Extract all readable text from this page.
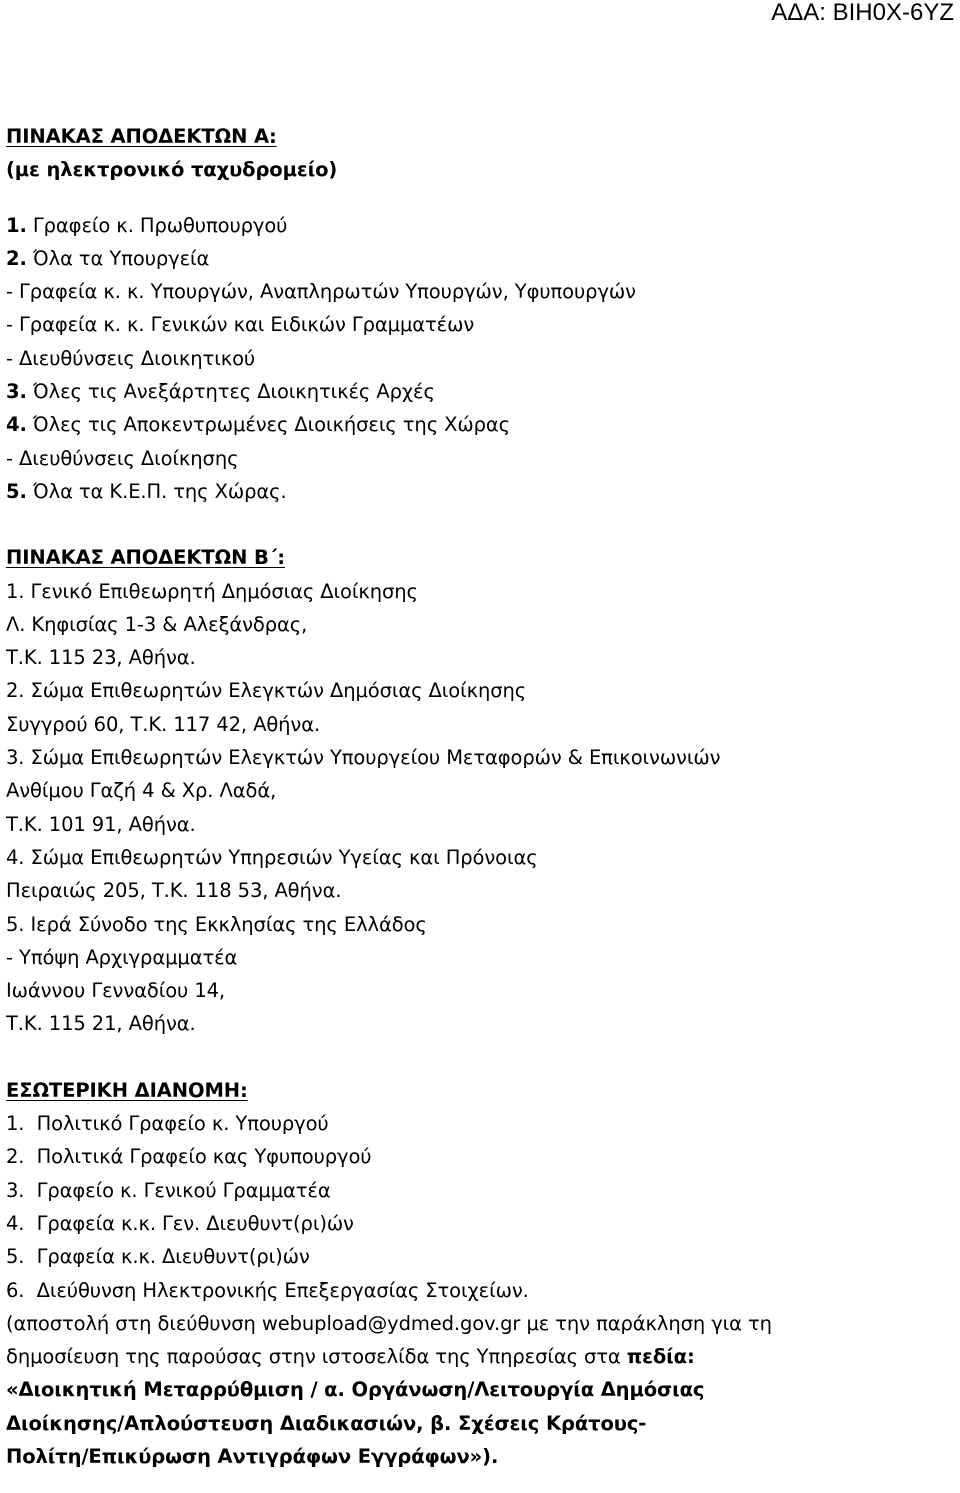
ΑΔΑ: ΒΙΗ0Χ-6ΥΖ
ΠΙΝΑΚΑΣ ΑΠΟΔΕΚΤΩΝ Α:
(με ηλεκτρονικό ταχυδρομείο)
1. Γραφείο κ. Πρωθυπουργού
2. Όλα τα Υπουργεία
- Γραφεία κ. κ. Υπουργών, Αναπληρωτών Υπουργών, Υφυπουργών
- Γραφεία κ. κ. Γενικών και Ειδικών Γραμματέων
- Διευθύνσεις Διοικητικού
3. Όλες τις Ανεξάρτητες Διοικητικές Αρχές
4. Όλες τις Αποκεντρωμένες Διοικήσεις της Χώρας
- Διευθύνσεις Διοίκησης
5. Όλα τα Κ.Ε.Π. της Χώρας.
ΠΙΝΑΚΑΣ ΑΠΟΔΕΚΤΩΝ Β΄:
1. Γενικό Επιθεωρητή Δημόσιας Διοίκησης
Λ. Κηφισίας 1-3 & Αλεξάνδρας,
Τ.Κ. 115 23, Αθήνα.
2. Σώμα Επιθεωρητών Ελεγκτών Δημόσιας Διοίκησης
Συγγρού 60, Τ.Κ. 117 42, Αθήνα.
3. Σώμα Επιθεωρητών Ελεγκτών Υπουργείου Μεταφορών & Επικοινωνιών
Ανθίμου Γαζή 4 & Χρ. Λαδά,
Τ.Κ. 101 91, Αθήνα.
4. Σώμα Επιθεωρητών Υπηρεσιών Υγείας και Πρόνοιας
Πειραιώς 205, Τ.Κ. 118 53, Αθήνα.
5. Ιερά Σύνοδο της Εκκλησίας της Ελλάδος
- Υπόψη Αρχιγραμματέα
Ιωάννου Γενναδίου 14,
Τ.Κ. 115 21, Αθήνα.
ΕΣΩΤΕΡΙΚΗ ΔΙΑΝΟΜΗ:
1.  Πολιτικό Γραφείο κ. Υπουργού
2.  Πολιτικά Γραφείο κας Υφυπουργού
3.  Γραφείο κ. Γενικού Γραμματέα
4.  Γραφεία κ.κ. Γεν. Διευθυντ(ρι)ών
5.  Γραφεία κ.κ. Διευθυντ(ρι)ών
6.  Διεύθυνση Ηλεκτρονικής Επεξεργασίας Στοιχείων.
(αποστολή στη διεύθυνση webupload@ydmed.gov.gr με την παράκληση για τη
δημοσίευση της παρούσας στην ιστοσελίδα της Υπηρεσίας στα πεδία:
«Διοικητική Μεταρρύθμιση / α. Οργάνωση/Λειτουργία Δημόσιας
Διοίκησης/Απλούστευση Διαδικασιών, β. Σχέσεις Κράτους-
Πολίτη/Επικύρωση Αντιγράφων Εγγράφων»).
